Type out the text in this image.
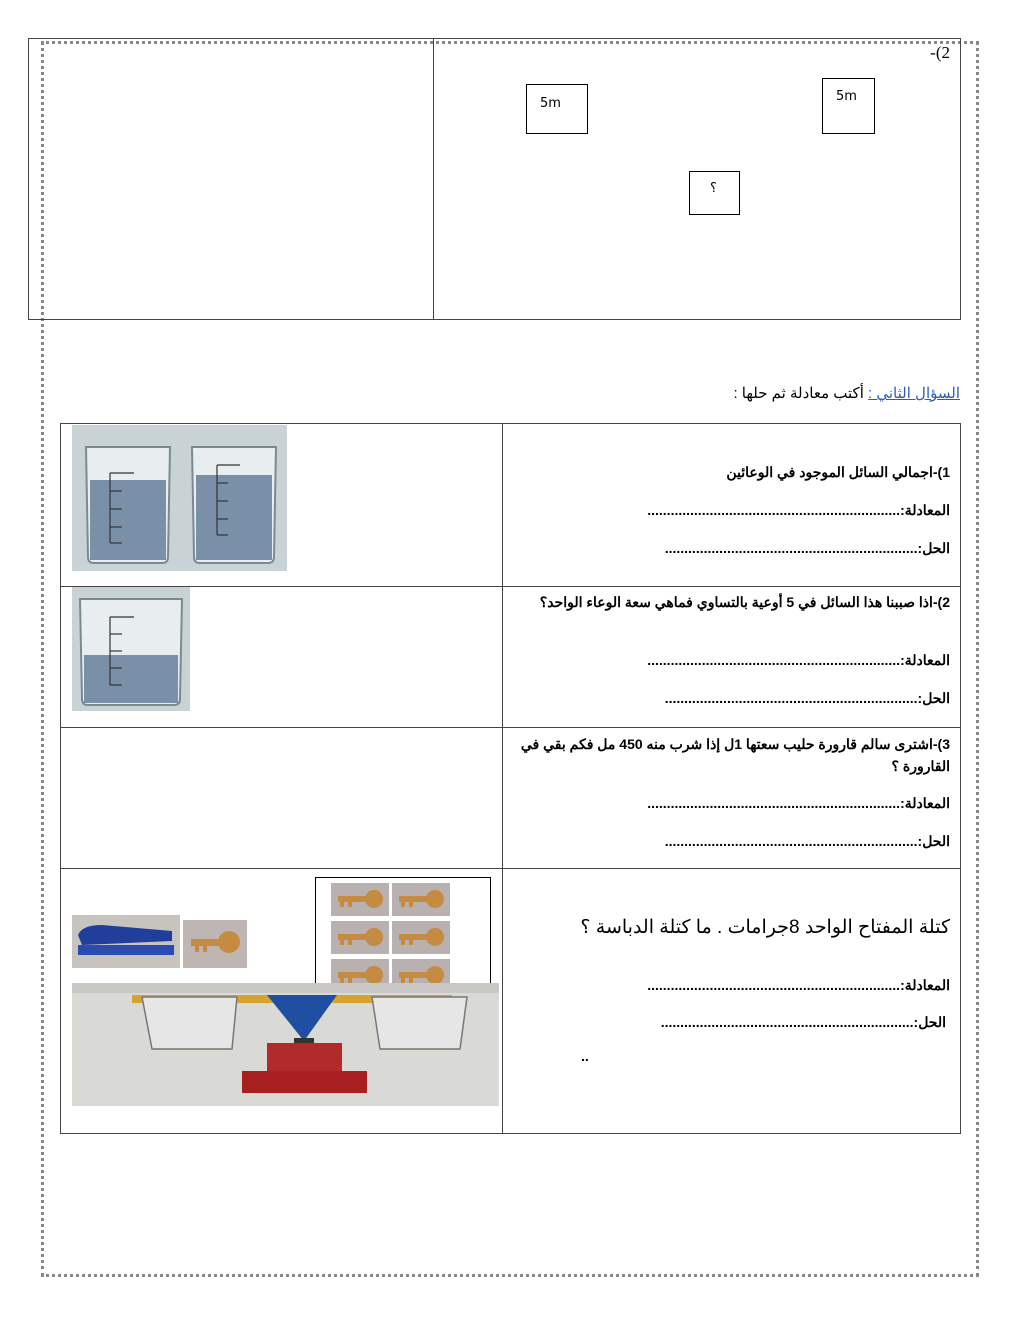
-(2
5m	5m
؟
السؤال الثاني : أكتب معادلة ثم حلها :
1)-اجمالي السائل الموجود في الوعائين
المعادلة:.................................................................
الحل:.................................................................
2)-اذا صببنا هذا السائل في 5 أوعية بالتساوي فماهي سعة الوعاء الواحد؟
المعادلة:.................................................................
الحل:.................................................................
3)-اشترى سالم قارورة حليب سعتها 1ل إذا شرب منه 450 مل فكم بقي في القارورة ؟
المعادلة:.................................................................
الحل:.................................................................
كتلة المفتاح الواحد 8جرامات . ما كتلة الدباسة ؟
المعادلة:.................................................................
الحل:.................................................................
..
